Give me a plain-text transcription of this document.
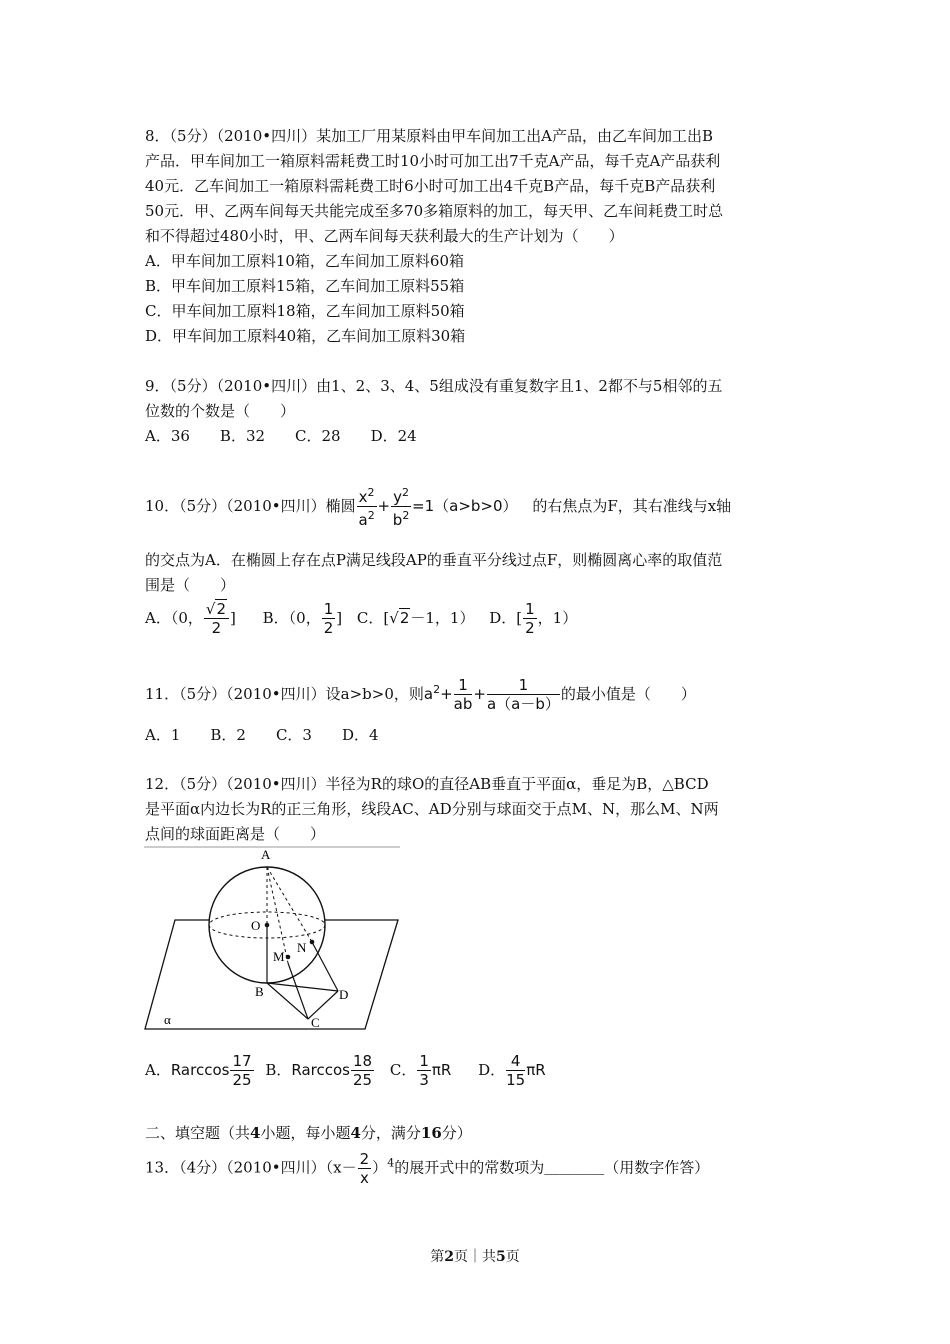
8．（5分）（2010•四川）某加工厂用某原料由甲车间加工出A产品，由乙车间加工出B
产品．甲车间加工一箱原料需耗费工时10小时可加工出7千克A产品，每千克A产品获利
40元．乙车间加工一箱原料需耗费工时6小时可加工出4千克B产品，每千克B产品获利
50元．甲、乙两车间每天共能完成至多70多箱原料的加工，每天甲、乙车间耗费工时总
和不得超过480小时，甲、乙两车间每天获利最大的生产计划为（　　）
A．甲车间加工原料10箱，乙车间加工原料60箱
B．甲车间加工原料15箱，乙车间加工原料55箱
C．甲车间加工原料18箱，乙车间加工原料50箱
D．甲车间加工原料40箱，乙车间加工原料30箱
9．（5分）（2010•四川）由1、2、3、4、5组成没有重复数字且1、2都不与5相邻的五
位数的个数是（　　）
A．36　　B．32　　C．28　　D．24
10．（5分）（2010•四川）椭圆 $\frac{x^2}{a^2} + \frac{y^2}{b^2} =1(a>b>0)$ 的右焦点为F，其右准线与x轴
的交点为A．在椭圆上存在点P满足线段AP的垂直平分线过点F，则椭圆离心率的取值范
围是（　　）
A．（0， $\frac{√2}{2}$ ] B．（0， $\frac{1}{2}$ ] C．[√2－1，1） D．[ $\frac{1}{2}$ ，1）
11．（5分）（2010•四川）设a>b>0，则$a^2+ \frac{1}{ab} + \frac{1}{a(a-b)}$ 的最小值是（　　）
A．1　　B．2　　C．3　　D．4
12．（5分）（2010•四川）半径为R的球O的直径AB垂直于平面α，垂足为B，△BCD
是平面α内边长为R的正三角形，线段AC、AD分别与球面交于点M、N，那么M、N两
点间的球面距离是（　　）
A
O
N
M
B
C
D
α
A．Rarccos $\frac{17}{25}$ B．Rarccos $\frac{18}{25}$ C． $\frac{1}{3}$ πR D． $\frac{4}{15}$ πR
二、填空题（共4小题，每小题4分，满分16分）
13．（4分）（2010•四川）$(x- \frac{2}{x} )^4$的展开式中的常数项为＿＿＿＿（用数字作答）
第2页｜共5页
